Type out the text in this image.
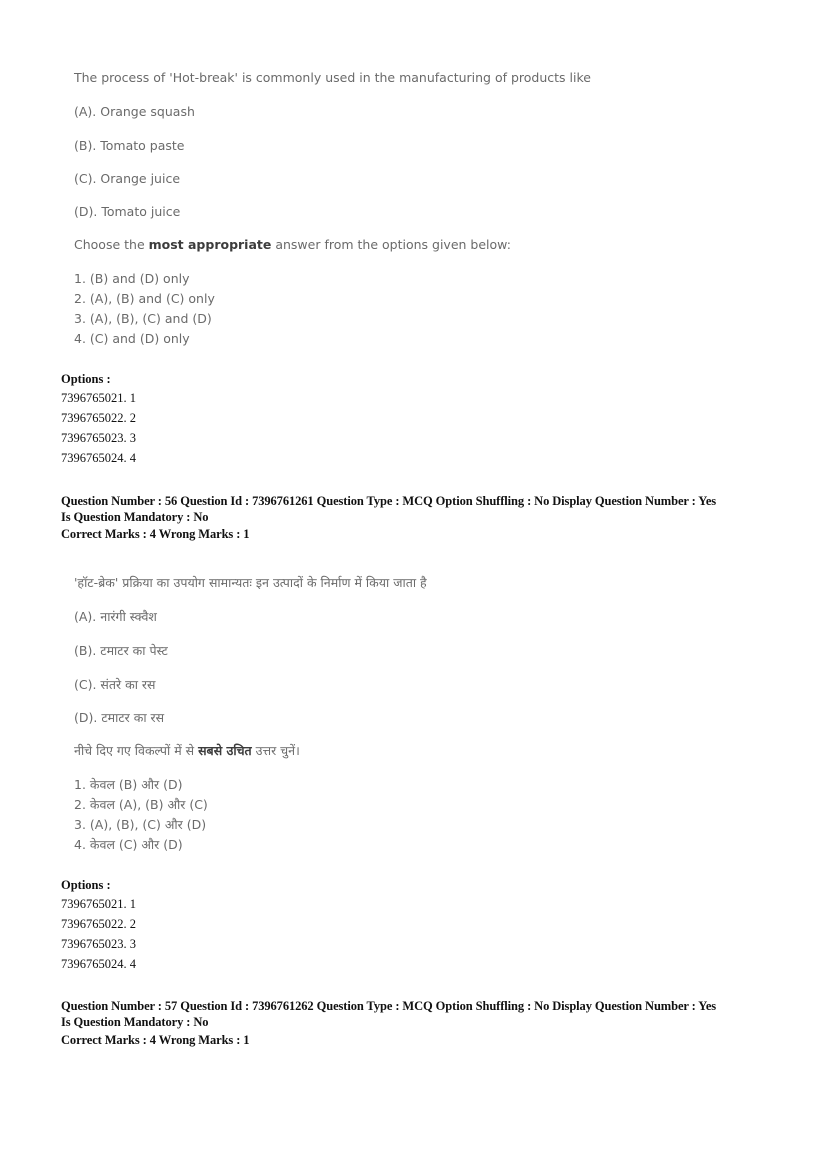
The process of 'Hot-break' is commonly used in the manufacturing of products like
(A). Orange squash
(B). Tomato paste
(C). Orange juice
(D). Tomato juice
Choose the most appropriate answer from the options given below:
1. (B) and (D) only
2. (A), (B) and (C) only
3. (A), (B), (C) and (D)
4. (C) and (D) only
Options :
7396765021. 1
7396765022. 2
7396765023. 3
7396765024. 4
Question Number : 56 Question Id : 7396761261 Question Type : MCQ Option Shuffling : No Display Question Number : Yes
Is Question Mandatory : No
Correct Marks : 4 Wrong Marks : 1
'हॉट-ब्रेक' प्रक्रिया का उपयोग सामान्यतः इन उत्पादों के निर्माण में किया जाता है
(A). नारंगी स्क्वैश
(B). टमाटर का पेस्ट
(C). संतरे का रस
(D). टमाटर का रस
नीचे दिए गए विकल्पों में से सबसे उचित उत्तर चुनें।
1. केवल (B) और (D)
2. केवल (A), (B) और (C)
3. (A), (B), (C) और (D)
4. केवल (C) और (D)
Options :
7396765021. 1
7396765022. 2
7396765023. 3
7396765024. 4
Question Number : 57 Question Id : 7396761262 Question Type : MCQ Option Shuffling : No Display Question Number : Yes
Is Question Mandatory : No
Correct Marks : 4 Wrong Marks : 1
